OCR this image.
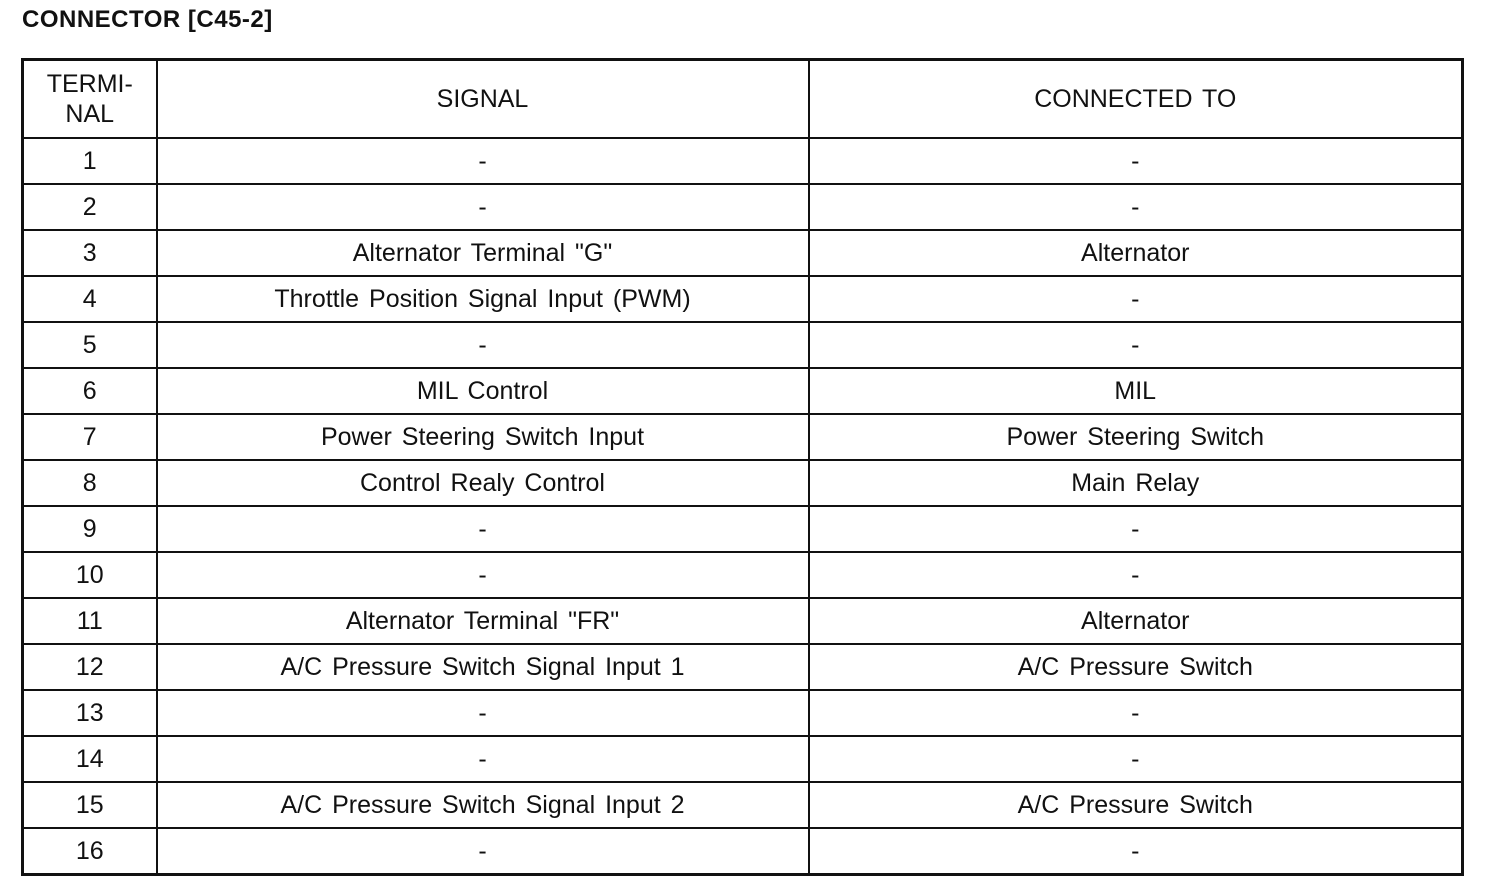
CONNECTOR [C45-2]
TERMI-
NAL	SIGNAL	CONNECTED TO
1	-	-
2	-	-
3	Alternator Terminal "G"	Alternator
4	Throttle Position Signal Input (PWM)	-
5	-	-
6	MIL Control	MIL
7	Power Steering Switch Input	Power Steering Switch
8	Control Realy Control	Main Relay
9	-	-
10	-	-
11	Alternator Terminal "FR"	Alternator
12	A/C Pressure Switch Signal Input 1	A/C Pressure Switch
13	-	-
14	-	-
15	A/C Pressure Switch Signal Input 2	A/C Pressure Switch
16	-	-
